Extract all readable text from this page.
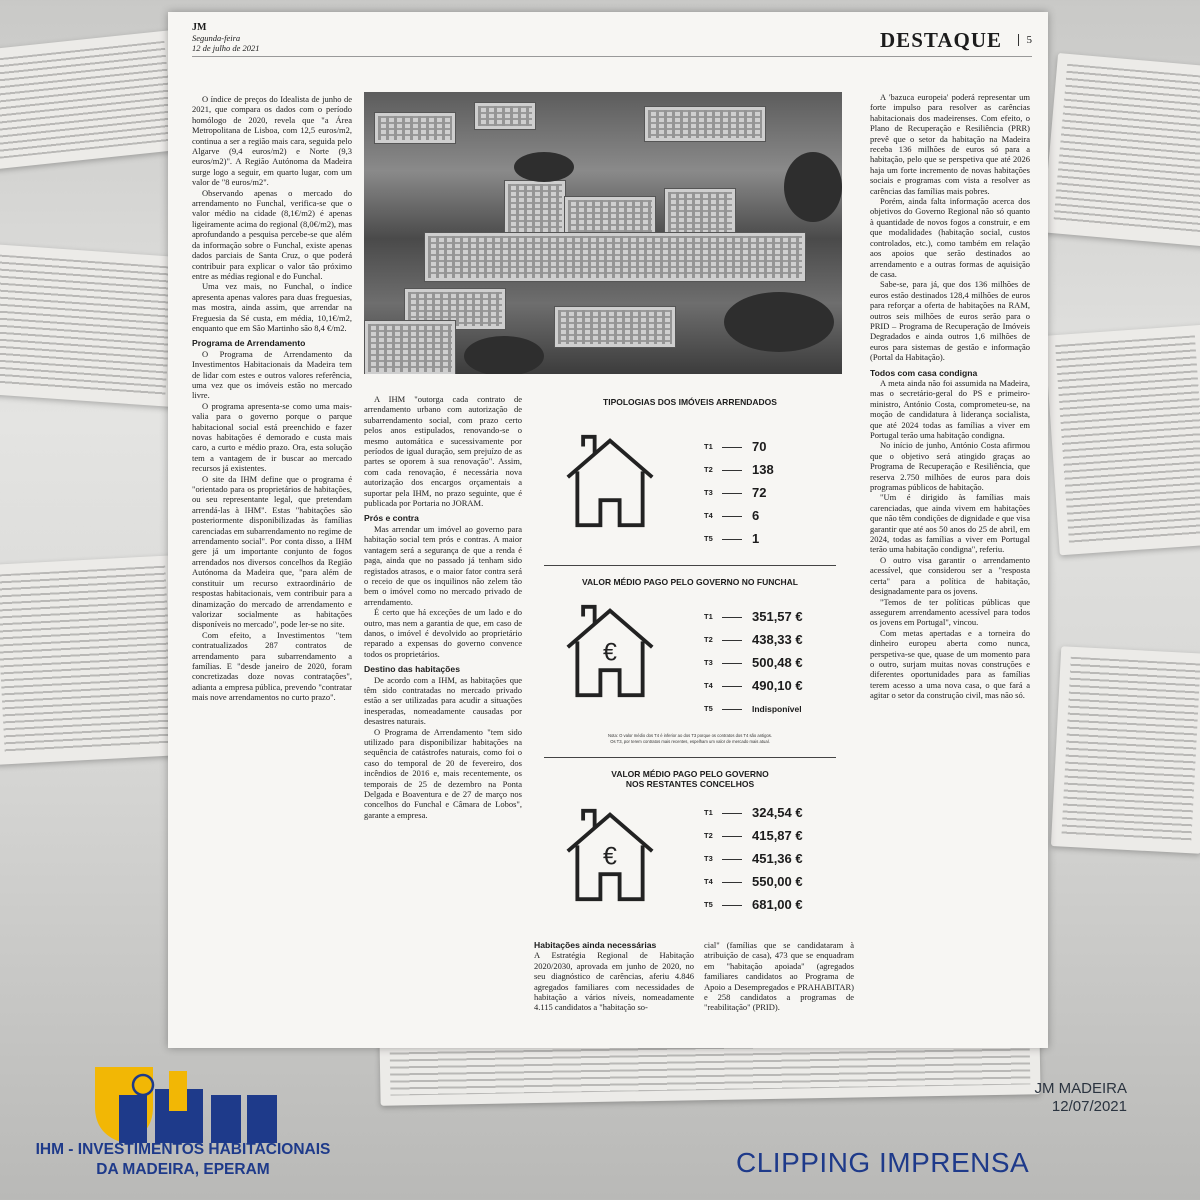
JM
Segunda-feira
12 de julho de 2021	DESTAQUE	5

O índice de preços do Idealista de junho de 2021, que compara os dados com o período homólogo de 2020, revela que "a Área Metropolitana de Lisboa, com 12,5 euros/m2, continua a ser a região mais cara, seguida pelo Algarve (9,4 euros/m2) e Norte (9,3 euros/m2)". A Região Autónoma da Madeira surge logo a seguir, em quarto lugar, com um valor de "8 euros/m2".

Observando apenas o mercado do arrendamento no Funchal, verifica-se que o valor médio na cidade (8,1€/m2) é apenas ligeiramente acima do regional (8,0€/m2), mas aprofundando a pesquisa percebe-se que além da informação sobre o Funchal, existe apenas dados parciais de Santa Cruz, o que poderá contribuir para explicar o valor tão próximo entre as médias regional e do Funchal.

Uma vez mais, no Funchal, o índice apresenta apenas valores para duas freguesias, mas mostra, ainda assim, que arrendar na Freguesia da Sé custa, em média, 10,1€/m2, enquanto que em São Martinho são 8,4 €/m2.

Programa de Arrendamento

O Programa de Arrendamento da Investimentos Habitacionais da Madeira tem de lidar com estes e outros valores referência, uma vez que os imóveis estão no mercado livre.

O programa apresenta-se como uma mais-valia para o governo porque o parque habitacional social está preenchido e fazer novas habitações é demorado e custa mais caro, a curto e médio prazo. Ora, esta solução tem a vantagem de ir buscar ao mercado recursos já existentes.

O site da IHM define que o programa é "orientado para os proprietários de habitações, ou seu representante legal, que pretendam arrendá-las à IHM". Estas "habitações são posteriormente disponibilizadas às famílias carenciadas em subarrendamento no regime de arrendamento social". Por conta disso, a IHM gere já um importante conjunto de fogos arrendados nos diversos concelhos da Região Autónoma da Madeira que, "para além de constituir um recurso extraordinário de respostas habitacionais, vem contribuir para a dinamização do mercado de arrendamento e valorizar socialmente as habitações disponíveis no mercado", pode ler-se no site.

Com efeito, a Investimentos "tem contratualizados 287 contratos de arrendamento para subarrendamento a famílias. E "desde janeiro de 2020, foram concretizadas doze novas contratações", adianta a empresa pública, prevendo "contratar mais nove arrendamentos no curto prazo".

A IHM "outorga cada contrato de arrendamento urbano com autorização de subarrendamento social, com prazo certo pelos anos estipulados, renovando-se o mesmo automática e sucessivamente por períodos de igual duração, sem prejuízo de as partes se oporem à sua renovação". Assim, com cada renovação, é necessária nova autorização dos encargos orçamentais a suportar pela IHM, no prazo seguinte, que é publicada por Portaria no JORAM.

Prós e contra

Mas arrendar um imóvel ao governo para habitação social tem prós e contras. A maior vantagem será a segurança de que a renda é paga, ainda que no passado já tenham sido registados atrasos, e o maior fator contra será o receio de que os inquilinos não zelem tão bem o imóvel como no mercado privado de arrendamento.

É certo que há exceções de um lado e do outro, mas nem a garantia de que, em caso de danos, o imóvel é devolvido ao proprietário reparado a expensas do governo convence todos os proprietários.

Destino das habitações

De acordo com a IHM, as habitações que têm sido contratadas no mercado privado estão a ser utilizadas para acudir a situações inesperadas, nomeadamente causadas por desastres naturais.

O Programa de Arrendamento "tem sido utilizado para disponibilizar habitações na sequência de catástrofes naturais, como foi o caso do temporal de 20 de fevereiro, dos incêndios de 2016 e, mais recentemente, os temporais de 25 de dezembro na Ponta Delgada e Boaventura e de 27 de março nos concelhos do Funchal e Câmara de Lobos", garante a empresa.

TIPOLOGIAS DOS IMÓVEIS ARRENDADOS
T1	70
T2	138
T3	72
T4	6
T5	1
VALOR MÉDIO PAGO PELO GOVERNO NO FUNCHAL
€
T1	351,57 €
T2	438,33 €
T3	500,48 €
T4	490,10 €
T5	Indisponível
Nota: O valor médio dos T4 é inferior ao dos T3 porque os contratos dos T4 são antigos.
Os T3, por terem contratos mais recentes, espelham um valor de mercado mais atual.
VALOR MÉDIO PAGO PELO GOVERNO
NOS RESTANTES CONCELHOS
€
T1	324,54 €
T2	415,87 €
T3	451,36 €
T4	550,00 €
T5	681,00 €
Habitações ainda necessárias

A Estratégia Regional de Habitação 2020/2030, aprovada em junho de 2020, no seu diagnóstico de carências, aferiu 4.846 agregados familiares com necessidades de habitação a vários níveis, nomeadamente 4.115 candidatos a "habitação so-

cial" (famílias que se candidataram à atribuição de casa), 473 que se enquadram em "habitação apoiada" (agregados familiares candidatos ao Programa de Apoio a Desempregados e PRAHABITAR) e 258 candidatos a programas de "reabilitação" (PRID).

A 'bazuca europeia' poderá representar um forte impulso para resolver as carências habitacionais dos madeirenses. Com efeito, o Plano de Recuperação e Resiliência (PRR) prevê que o setor da habitação na Madeira receba 136 milhões de euros só para a habitação, pelo que se perspetiva que até 2026 haja um forte incremento de novas habitações sociais e programas com vista a resolver as carências das famílias mais pobres.

Porém, ainda falta informação acerca dos objetivos do Governo Regional não só quanto à quantidade de novos fogos a construir, e em que modalidades (habitação social, custos controlados, etc.), como também em relação aos apoios que serão destinados ao arrendamento e a outras formas de aquisição de casa.

Sabe-se, para já, que dos 136 milhões de euros estão destinados 128,4 milhões de euros para reforçar a oferta de habitações na RAM, outros seis milhões de euros serão para o PRID – Programa de Recuperação de Imóveis Degradados e ainda outros 1,6 milhões de euros para sistemas de gestão e informação (Portal da Habitação).

Todos com casa condigna

A meta ainda não foi assumida na Madeira, mas o secretário-geral do PS e primeiro-ministro, António Costa, comprometeu-se, na moção de candidatura à liderança socialista, que até 2024 todas as famílias a viver em Portugal terão uma habitação condigna.

No início de junho, António Costa afirmou que o objetivo será atingido graças ao Programa de Recuperação e Resiliência, que reserva 2.750 milhões de euros para dois programas públicos de habitação.

"Um é dirigido às famílias mais carenciadas, que ainda vivem em habitações que não têm condições de dignidade e que visa garantir que até aos 50 anos do 25 de abril, em 2024, todas as famílias a viver em Portugal terão uma habitação condigna", referiu.

O outro visa garantir o arrendamento acessível, que considerou ser a "resposta certa" para a política de habitação, designadamente para os jovens.

"Temos de ter políticas públicas que assegurem arrendamento acessível para todos os jovens em Portugal", vincou.

Com metas apertadas e a torneira do dinheiro europeu aberta como nunca, perspetiva-se que, quase de um momento para o outro, surjam muitas novas construções e diferentes oportunidades para as famílias terem acesso a uma nova casa, o que fará a agitar o setor da construção civil, mas não só.

IHM - INVESTIMENTOS HABITACIONAIS
DA MADEIRA, EPERAM
JM MADEIRA
12/07/2021
CLIPPING IMPRENSA
